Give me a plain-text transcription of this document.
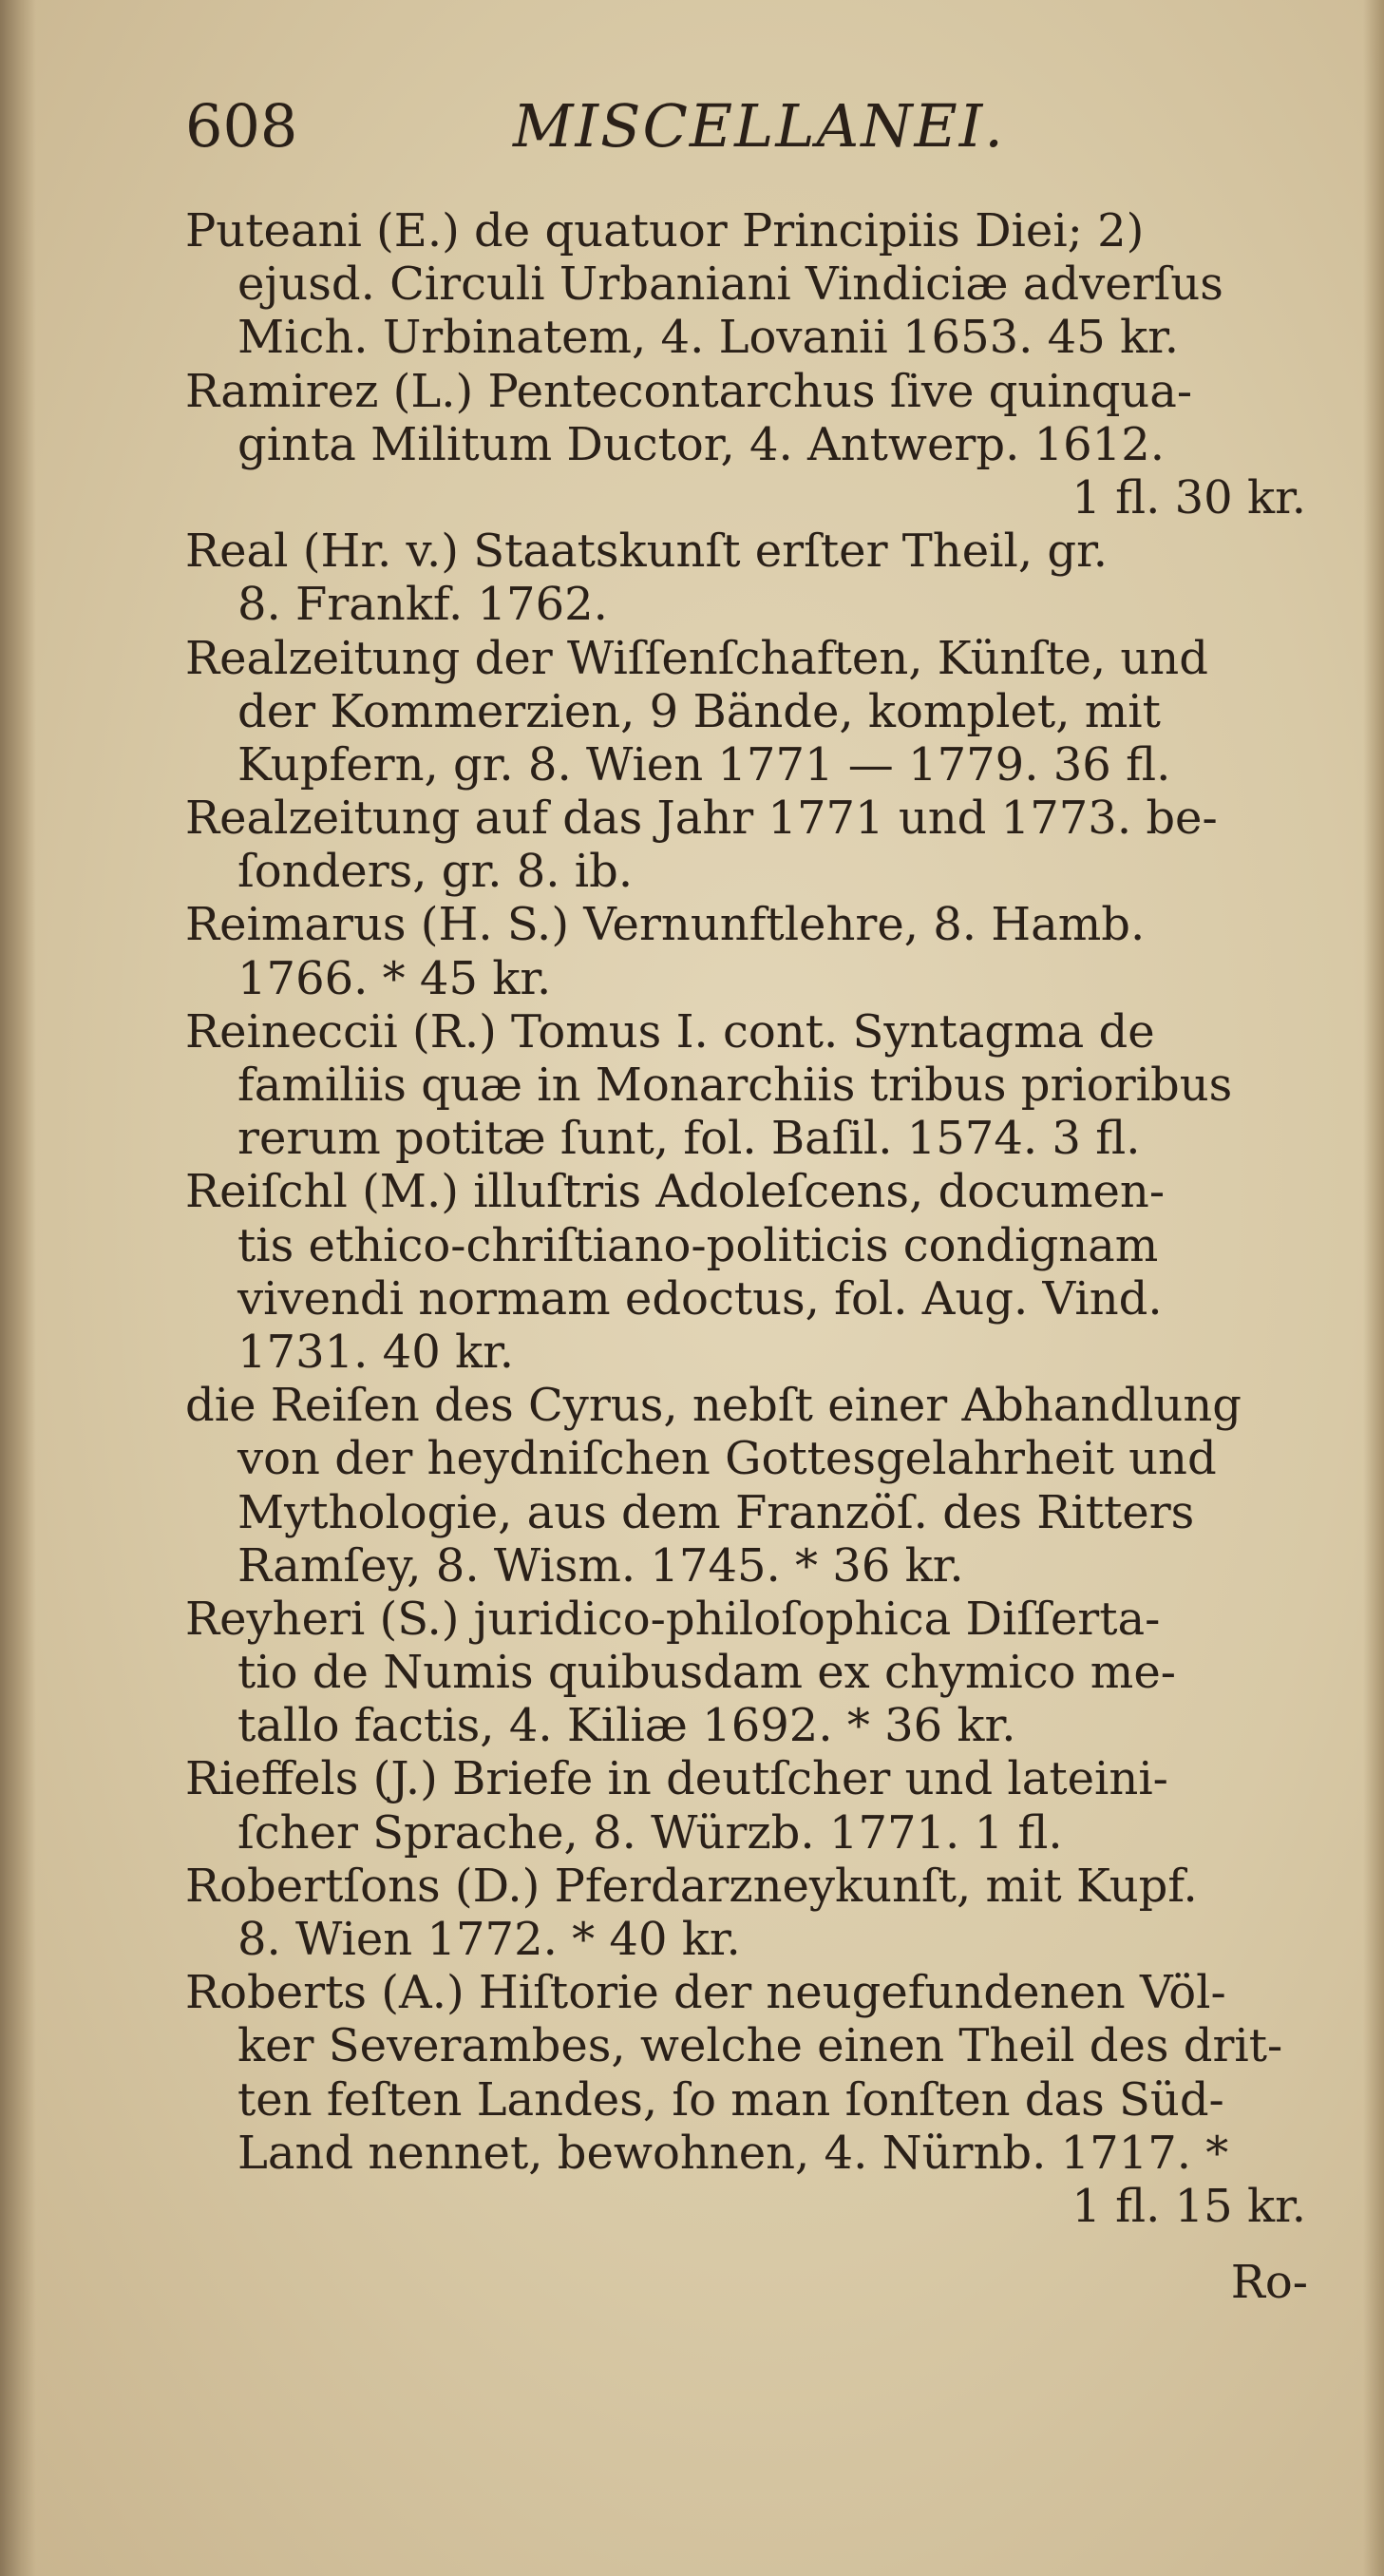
608	MISCELLANEI.
Puteani (E.) de quatuor Principiis Diei; 2)
ejusd. Circuli Urbaniani Vindiciæ adverſus
Mich. Urbinatem, 4. Lovanii 1653. 45 kr.
Ramirez (L.) Pentecontarchus ſive quinqua-
ginta Militum Ductor, 4. Antwerp. 1612.
1 fl. 30 kr.
Real (Hr. v.) Staatskunſt erſter Theil, gr.
8. Frankf. 1762.
Realzeitung der Wiſſenſchaften, Künſte, und
der Kommerzien, 9 Bände, komplet, mit
Kupfern, gr. 8. Wien 1771 — 1779. 36 fl.
Realzeitung auf das Jahr 1771 und 1773. be-
ſonders, gr. 8. ib.
Reimarus (H. S.) Vernunftlehre, 8. Hamb.
1766. * 45 kr.
Reineccii (R.) Tomus I. cont. Syntagma de
familiis quæ in Monarchiis tribus prioribus
rerum potitæ ſunt, fol. Baſil. 1574. 3 fl.
Reiſchl (M.) illuſtris Adoleſcens, documen-
tis ethico-chriſtiano-politicis condignam
vivendi normam edoctus, fol. Aug. Vind.
1731. 40 kr.
die Reiſen des Cyrus, nebſt einer Abhandlung
von der heydniſchen Gottesgelahrheit und
Mythologie, aus dem Franzöſ. des Ritters
Ramſey, 8. Wism. 1745. * 36 kr.
Reyheri (S.) juridico-philoſophica Diſſerta-
tio de Numis quibusdam ex chymico me-
tallo factis, 4. Kiliæ 1692. * 36 kr.
Rieffels (J.) Briefe in deutſcher und lateini-
ſcher Sprache, 8. Würzb. 1771. 1 fl.
Robertſons (D.) Pferdarzneykunſt, mit Kupf.
8. Wien 1772. * 40 kr.
Roberts (A.) Hiſtorie der neugefundenen Völ-
ker Severambes, welche einen Theil des drit-
ten feſten Landes, ſo man ſonſten das Süd-
Land nennet, bewohnen, 4. Nürnb. 1717. *
1 fl. 15 kr.
Ro-
